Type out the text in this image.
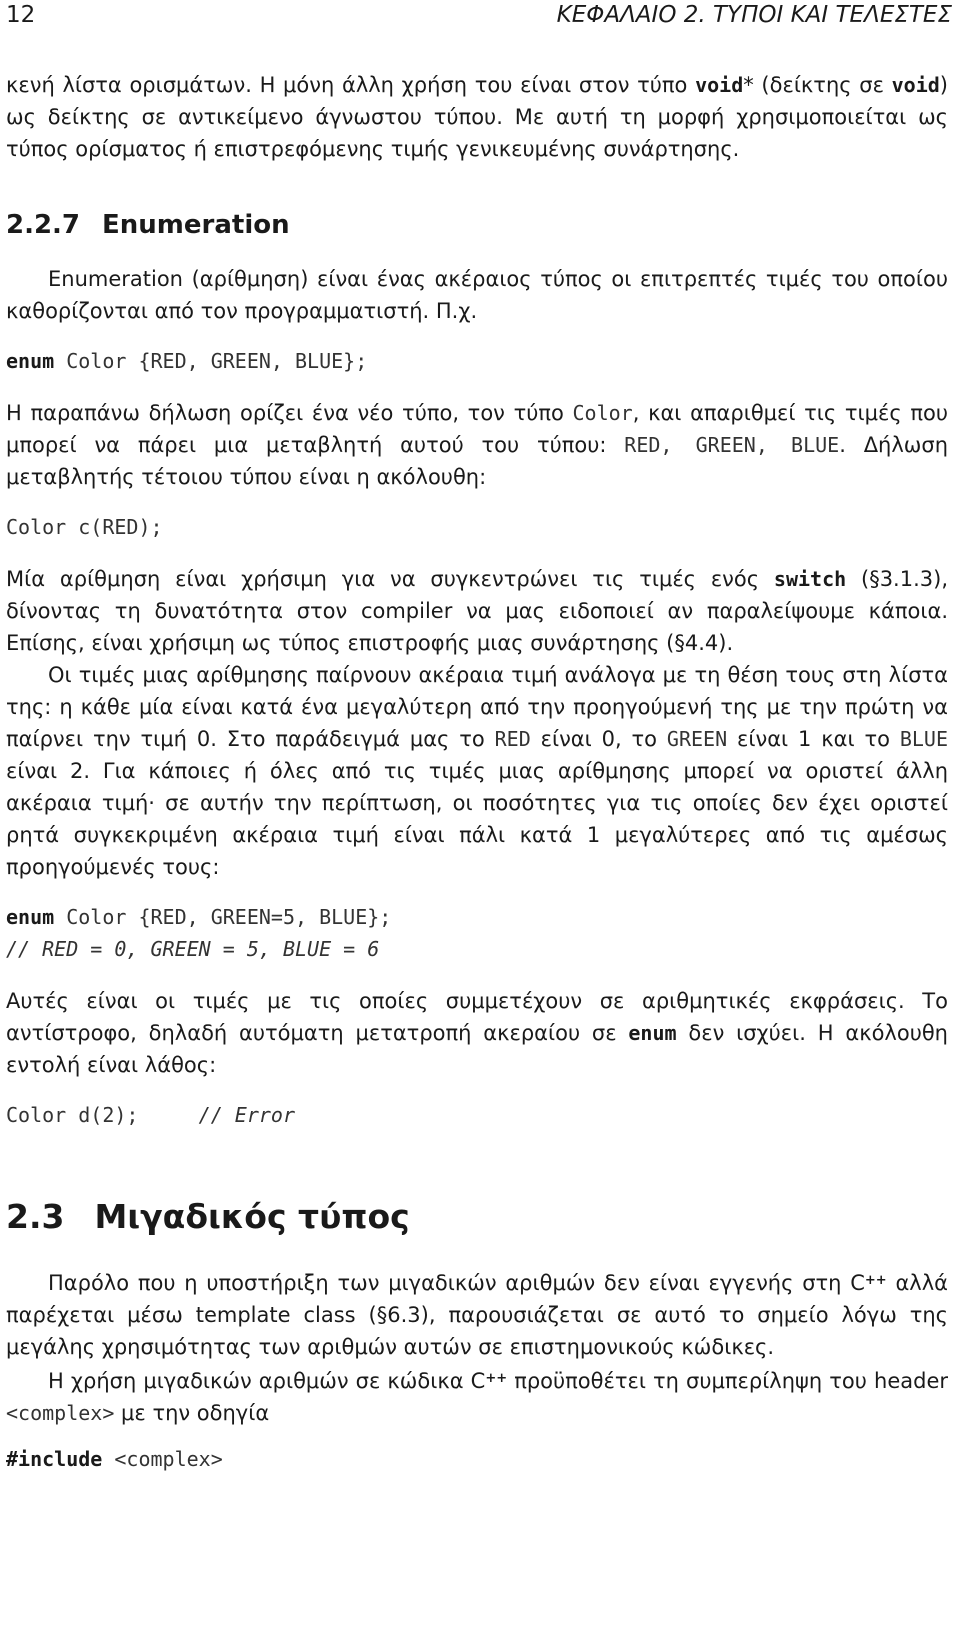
12	ΚΕΦΑΛΑΙΟ 2. ΤΥΠΟΙ ΚΑΙ ΤΕΛΕΣΤΕΣ

κενή λίστα ορισμάτων. Η μόνη άλλη χρήση του είναι στον τύπο void* (δείκτης σε void) ως δείκτης σε αντικείμενο άγνωστου τύπου. Με αυτή τη μορφή χρησιμοποιείται ως τύπος ορίσματος ή επιστρεφόμενης τιμής γενικευμένης συνάρτησης.

2.2.7 Enumeration

Enumeration (αρίθμηση) είναι ένας ακέραιος τύπος οι επιτρεπτές τιμές του οποίου καθορίζονται από τον προγραμματιστή. Π.χ.

enum Color {RED, GREEN, BLUE};

Η παραπάνω δήλωση ορίζει ένα νέο τύπο, τον τύπο Color, και απαριθμεί τις τιμές που μπορεί να πάρει μια μεταβλητή αυτού του τύπου: RED, GREEN, BLUE. Δήλωση μεταβλητής τέτοιου τύπου είναι η ακόλουθη:

Color c(RED);

Μία αρίθμηση είναι χρήσιμη για να συγκεντρώνει τις τιμές ενός switch (§3.1.3), δίνοντας τη δυνατότητα στον compiler να μας ειδοποιεί αν παραλείψουμε κάποια. Επίσης, είναι χρήσιμη ως τύπος επιστροφής μιας συνάρτησης (§4.4).

Οι τιμές μιας αρίθμησης παίρνουν ακέραια τιμή ανάλογα με τη θέση τους στη λίστα της: η κάθε μία είναι κατά ένα μεγαλύτερη από την προηγούμενή της με την πρώτη να παίρνει την τιμή 0. Στο παράδειγμά μας το RED είναι 0, το GREEN είναι 1 και το BLUE είναι 2. Για κάποιες ή όλες από τις τιμές μιας αρίθμησης μπορεί να οριστεί άλλη ακέραια τιμή· σε αυτήν την περίπτωση, οι ποσότητες για τις οποίες δεν έχει οριστεί ρητά συγκεκριμένη ακέραια τιμή είναι πάλι κατά 1 μεγαλύτερες από τις αμέσως προηγούμενές τους:

enum Color {RED, GREEN=5, BLUE};
// RED = 0, GREEN = 5, BLUE = 6

Αυτές είναι οι τιμές με τις οποίες συμμετέχουν σε αριθμητικές εκφράσεις. Το αντίστροφο, δηλαδή αυτόματη μετατροπή ακεραίου σε enum δεν ισχύει. Η ακόλουθη εντολή είναι λάθος:

Color d(2);     // Error
2.3 Μιγαδικός τύπος

Παρόλο που η υποστήριξη των μιγαδικών αριθμών δεν είναι εγγενής στη C++ αλλά παρέχεται μέσω template class (§6.3), παρουσιάζεται σε αυτό το σημείο λόγω της μεγάλης χρησιμότητας των αριθμών αυτών σε επιστημονικούς κώδικες.

Η χρήση μιγαδικών αριθμών σε κώδικα C++ προϋποθέτει τη συμπερίληψη του header <complex> με την οδηγία

#include <complex>
